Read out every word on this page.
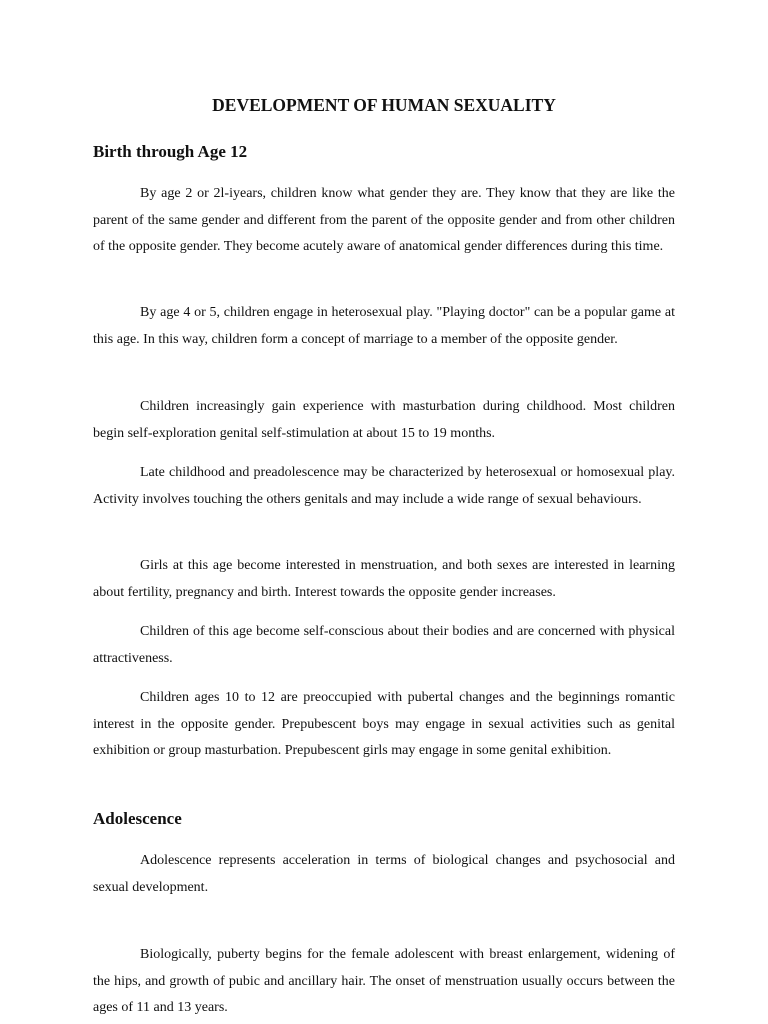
DEVELOPMENT OF HUMAN SEXUALITY
Birth through Age 12

By age 2 or 2l-iyears, children know what gender they are. They know that they are like the parent of the same gender and different from the parent of the opposite gender and from other children of the opposite gender. They become acutely aware of anatomical gender differences during this time.

By age 4 or 5, children engage in heterosexual play. "Playing doctor" can be a popular game at this age. In this way, children form a concept of marriage to a member of the opposite gender.

Children increasingly gain experience with masturbation during childhood. Most children begin self-exploration genital self-stimulation at about 15 to 19 months.

Late childhood and preadolescence may be characterized by heterosexual or homosexual play. Activity involves touching the others genitals and may include a wide range of sexual behaviours.

Girls at this age become interested in menstruation, and both sexes are interested in learning about fertility, pregnancy and birth. Interest towards the opposite gender increases.

Children of this age become self-conscious about their bodies and are concerned with physical attractiveness.

Children ages 10 to 12 are preoccupied with pubertal changes and the beginnings romantic interest in the opposite gender. Prepubescent boys may engage in sexual activities such as genital exhibition or group masturbation. Prepubescent girls may engage in some genital exhibition.

Adolescence

Adolescence represents acceleration in terms of biological changes and psychosocial and sexual development.

Biologically, puberty begins for the female adolescent with breast enlargement, widening of the hips, and growth of pubic and ancillary hair. The onset of menstruation usually occurs between the ages of 11 and 13 years.
